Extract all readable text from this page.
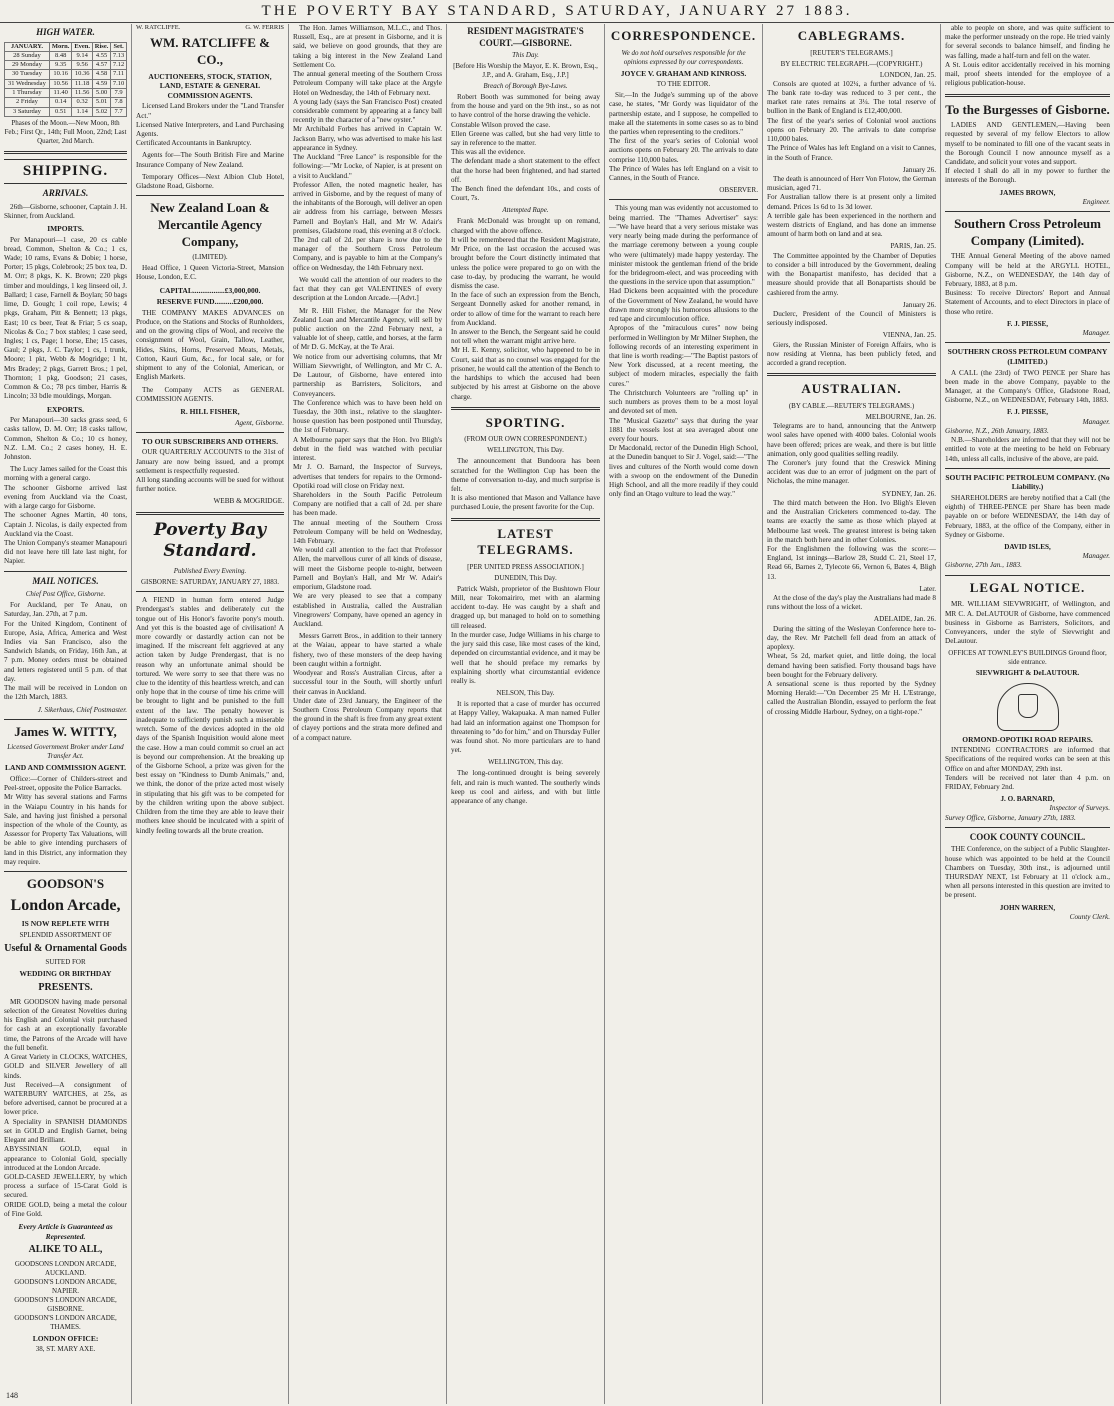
THE POVERTY BAY STANDARD, SATURDAY, JANUARY 27 1883.
HIGH WATER.
JANUARY.	Morn.	Even.	Rise.	Set.
28 Sunday	8.48	9.14	4.55	7.13
29 Monday	9.35	9.56	4.57	7.12
30 Tuesday	10.16	10.36	4.58	7.11
31 Wednesday	10.56	11.18	4.59	7.10
1 Thursday	11.40	11.56	5.00	7.9
2 Friday	0.14	0.32	5.01	7.8
3 Saturday	0.51	1.14	5.02	7.7
Phases of the Moon.—New Moon, 8th Feb.; First Qr., 14th; Full Moon, 22nd; Last Quarter, 2nd March.
SHIPPING.
ARRIVALS.

26th—Gisborne, schooner, Captain J. H. Skinner, from Auckland.

IMPORTS.

Per Manapouri—1 case, 20 cs cable bread, Common, Shelton & Co.; 1 cs, Wade; 10 rams, Evans & Dobie; 1 horse, Porter; 15 pkgs, Colebrook; 25 box tea, D. M. Orr; 8 pkgs, K. K. Brown; 220 pkgs timber and mouldings, 1 keg linseed oil, J. Ballard; 1 case, Farnell & Boylan; 50 bags lime, D. Gough; 1 coil rope, Lewis; 4 pkgs, Graham, Pitt & Bennett; 13 pkgs, East; 10 cs beer, Teat & Friar; 5 cs soap, Nicolas & Co.; 7 box stables; 1 case seed, Ingles; 1 cs, Page; 1 horse, Ehe; 15 cases, Gaul; 2 pkgs, J. C. Taylor; 1 cs, 1 trunk, Moore; 1 pkt, Webb & Mogridge; 1 ht, Mrs Bradey; 2 pkgs, Garrett Bros.; 1 pel, Thornton; 1 pkg, Goodson; 21 cases, Common & Co.; 78 pcs timber, Harris & Lincoln; 33 bdle mouldings, Morgan.

EXPORTS.

Per Manapouri—30 sacks grass seed, 6 casks tallow, D. M. Orr; 18 casks tallow, Common, Shelton & Co.; 10 cs honey, N.Z. L.M. Co.; 2 cases honey, H. E. Johnston.

The Lucy James sailed for the Coast this morning with a general cargo.
The schooner Gisborne arrived last evening from Auckland via the Coast, with a large cargo for Gisborne.
The schooner Agnes Martin, 40 tons, Captain J. Nicolas, is daily expected from Auckland via the Coast.
The Union Company's steamer Manapouri did not leave here till late last night, for Napier.

MAIL NOTICES.
Chief Post Office, Gisborne.

For Auckland, per Te Anau, on Saturday, Jan. 27th, at 7 p.m.
For the United Kingdom, Continent of Europe, Asia, Africa, America and West Indies via San Francisco, also the Sandwich Islands, on Friday, 16th Jan., at 7 p.m. Money orders must be obtained and letters registered until 5 p.m. of that day.
The mail will be received in London on the 12th March, 1883.

J. Sikerhaus, Chief Postmaster.
James W. WITTY,
Licensed Government Broker under Land Transfer Act.
LAND AND COMMISSION AGENT.

Office:—Corner of Childers-street and Peel-street, opposite the Police Barracks.
Mr Witty has several stations and Farms in the Waiapu Country in his hands for Sale, and having just finished a personal inspection of the whole of the County, as Assessor for Property Tax Valuations, will be able to give intending purchasers of land in this District, any information they may require.

GOODSON'S
London Arcade,
IS NOW REPLETE WITH
SPLENDID ASSORTMENT OF
Useful & Ornamental Goods
SUITED FOR
WEDDING OR BIRTHDAY
PRESENTS.

MR GOODSON having made personal selection of the Greatest Novelties during his English and Colonial visit purchased for cash at an exceptionally favorable time, the Patrons of the Arcade will have the full benefit.
A Great Variety in CLOCKS, WATCHES, GOLD and SILVER Jewellery of all kinds.
Just Received—A consignment of WATERBURY WATCHES, at 25s, as before advertised, cannot be procured at a lower price.
A Speciality in SPANISH DIAMONDS set in GOLD and English Garnet, being Elegant and Brilliant.
ABYSSINIAN GOLD, equal in appearance to Colonial Gold, specially introduced at the London Arcade.
GOLD-CASED JEWELLERY, by which process a surface of 15-Carat Gold is secured.
ORIDE GOLD, being a metal the colour of Fine Gold.

Every Article is Guaranteed as Represented.
ALIKE TO ALL,
GOODSONS LONDON ARCADE, AUCKLAND.
GOODSON'S LONDON ARCADE, NAPIER.
GOODSON'S LONDON ARCADE, GISBORNE.
GOODSON'S LONDON ARCADE, THAMES.
LONDON OFFICE:
38, ST. MARY AXE.
W. RATCLIFFE.	G. W. FERRIS
WM. RATCLIFFE & CO.,
AUCTIONEERS, STOCK, STATION, LAND, ESTATE & GENERAL COMMISSION AGENTS.

Licensed Land Brokers under the "Land Transfer Act."
Licensed Native Interpreters, and Land Purchasing Agents.
Certificated Accountants in Bankruptcy.

Agents for—The South British Fire and Marine Insurance Company of New Zealand.

Temporary Offices—Next Albion Club Hotel, Gladstone Road, Gisborne.

New Zealand Loan & Mercantile Agency Company,
(LIMITED).

Head Office, 1 Queen Victoria-Street, Mansion House, London, E.C.

CAPITAL.................£3,000,000.
RESERVE FUND..........£200,000.

THE COMPANY MAKES ADVANCES on Produce, on the Stations and Stocks of Runholders, and on the growing clips of Wool, and receive the consignment of Wool, Grain, Tallow, Leather, Hides, Skins, Horns, Preserved Meats, Metals, Cotton, Kauri Gum, &c., for local sale, or for shipment to any of the Colonial, American, or English Markets.

The Company ACTS as GENERAL COMMISSION AGENTS.

R. HILL FISHER,
Agent, Gisborne.
TO OUR SUBSCRIBERS AND OTHERS.

OUR QUARTERLY ACCOUNTS to the 31st of January are now being issued, and a prompt settlement is respectfully requested.
All long standing accounts will be sued for without further notice.

WEBB & MOGRIDGE.
Poverty Bay Standard.
Published Every Evening.
GISBORNE: SATURDAY, JANUARY 27, 1883.

A FIEND in human form entered Judge Prendergast's stables and deliberately cut the tongue out of His Honor's favorite pony's mouth. And yet this is the boasted age of civilisation! A more cowardly or dastardly action can not be imagined. If the miscreant felt aggrieved at any action taken by Judge Prendergast, that is no reason why an unfortunate animal should be tortured. We were sorry to see that there was no clue to the identity of this heartless wretch, and can only hope that in the course of time his crime will be brought to light and be punished to the full extent of the law. The penalty however is inadequate to sufficiently punish such a miserable wretch. Some of the devices adopted in the old days of the Spanish Inquisition would alone meet the case. How a man could commit so cruel an act is beyond our comprehension. At the breaking up of the Gisborne School, a prize was given for the best essay on "Kindness to Dumb Animals," and, we think, the donor of the prize acted most wisely in stipulating that his gift was to be competed for by the children writing upon the above subject. Children from the time they are able to leave their mothers knee should be inculcated with a spirit of kindly feeling towards all the brute creation.

The Hon. James Williamson, M.L.C., and Thos. Russell, Esq., are at present in Gisborne, and it is said, we believe on good grounds, that they are taking a big interest in the New Zealand Land Settlement Co.
The annual general meeting of the Southern Cross Petroleum Company will take place at the Argyle Hotel on Wednesday, the 14th of February next.
A young lady (says the San Francisco Post) created considerable comment by appearing at a fancy ball recently in the character of a "new oyster."
Mr Archibald Forbes has arrived in Captain W. Jackson Barry, who was advertised to make his last appearance in Sydney.
The Auckland "Free Lance" is responsible for the following:—"Mr Locke, of Napier, is at present on a visit to Auckland."
Professor Allen, the noted magnetic healer, has arrived in Gisborne, and by the request of many of the inhabitants of the Borough, will deliver an open air address from his carriage, between Messrs Parnell and Boylan's Hall, and Mr W. Adair's premises, Gladstone road, this evening at 8 o'clock.
The 2nd call of 2d. per share is now due to the manager of the Southern Cross Petroleum Company, and is payable to him at the Company's office on Wednesday, the 14th February next.

We would call the attention of our readers to the fact that they can get VALENTINES of every description at the London Arcade.—[Advt.]

Mr R. Hill Fisher, the Manager for the New Zealand Loan and Mercantile Agency, will sell by public auction on the 22nd February next, a valuable lot of sheep, cattle, and horses, at the farm of Mr D. G. McKay, at the Te Arai.
We notice from our advertising columns, that Mr William Sievwright, of Wellington, and Mr C. A. De Lautour, of Gisborne, have entered into partnership as Barristers, Solicitors, and Conveyancers.
The Conference which was to have been held on Tuesday, the 30th inst., relative to the slaughter-house question has been postponed until Thursday, the 1st of February.
A Melbourne paper says that the Hon. Ivo Bligh's debut in the field was watched with peculiar interest.
Mr J. O. Barnard, the Inspector of Surveys, advertises that tenders for repairs to the Ormond-Opotiki road will close on Friday next.
Shareholders in the South Pacific Petroleum Company are notified that a call of 2d. per share has been made.
The annual meeting of the Southern Cross Petroleum Company will be held on Wednesday, 14th February.
We would call attention to the fact that Professor Allen, the marvellous curer of all kinds of disease, will meet the Gisborne people to-night, between Parnell and Boylan's Hall, and Mr W. Adair's emporium, Gladstone road.
We are very pleased to see that a company established in Australia, called the Australian Vinegrowers' Company, have opened an agency in Auckland.

Messrs Garrett Bros., in addition to their tannery at the Waiau, appear to have started a whale fishery, two of these monsters of the deep having been caught within a fortnight.
Woodyear and Ross's Australian Circus, after a successful tour in the South, will shortly unfurl their canvas in Auckland.
Under date of 23rd January, the Engineer of the Southern Cross Petroleum Company reports that the ground in the shaft is free from any great extent of clayey portions and the strata more defined and of a compact nature.

RESIDENT MAGISTRATE'S COURT.—GISBORNE.
This Day.
[Before His Worship the Mayor, E. K. Brown, Esq., J.P., and A. Graham, Esq., J.P.]
Breach of Borough Bye-Laws.

Robert Booth was summoned for being away from the house and yard on the 9th inst., so as not to have control of the horse drawing the vehicle.
Constable Wilson proved the case.
Ellen Greene was called, but she had very little to say in reference to the matter.
This was all the evidence.
The defendant made a short statement to the effect that the horse had been frightened, and had started off.
The Bench fined the defendant 10s., and costs of Court, 7s.

Attempted Rape.

Frank McDonald was brought up on remand, charged with the above offence.
It will be remembered that the Resident Magistrate, Mr Price, on the last occasion the accused was brought before the Court distinctly intimated that unless the police were prepared to go on with the case to-day, by producing the warrant, he would dismiss the case.
In the face of such an expression from the Bench, Sergeant Donnelly asked for another remand, in order to allow of time for the warrant to reach here from Auckland.
In answer to the Bench, the Sergeant said he could not tell when the warrant might arrive here.
Mr H. E. Kenny, solicitor, who happened to be in Court, said that as no counsel was engaged for the prisoner, he would call the attention of the Bench to the hardships to which the accused had been subjected by his arrest at Gisborne on the above charge.

SPORTING.
(FROM OUR OWN CORRESPONDENT.)
WELLINGTON, This Day.

The announcement that Bundoora has been scratched for the Wellington Cup has been the theme of conversation to-day, and much surprise is felt.
It is also mentioned that Mason and Vallance have purchased Louie, the present favorite for the Cup.

LATEST TELEGRAMS.
[PER UNITED PRESS ASSOCIATION.]
DUNEDIN, This Day.

Patrick Walsh, proprietor of the Bushtown Flour Mill, near Tokomairiro, met with an alarming accident to-day. He was caught by a shaft and dragged up, but managed to hold on to something till released.
In the murder case, Judge Williams in his charge to the jury said this case, like most cases of the kind, depended on circumstantial evidence, and it may be well that he should preface my remarks by explaining shortly what circumstantial evidence really is.

NELSON, This Day.

It is reported that a case of murder has occurred at Happy Valley, Wakapuaka. A man named Fuller had laid an information against one Thompson for threatening to "do for him," and on Thursday Fuller was found shot. No more particulars are to hand yet.

WELLINGTON, This day.

The long-continued drought is being severely felt, and rain is much wanted. The southerly winds keep us cool and airless, and with but little appearance of any change.

CORRESPONDENCE.
We do not hold ourselves responsible for the opinions expressed by our correspondents.
JOYCE V. GRAHAM AND KINROSS.
TO THE EDITOR.

Sir,—In the Judge's summing up of the above case, he states, "Mr Gordy was liquidator of the partnership estate, and I suppose, he compelled to make all the statements in some cases so as to bind the parties when representing to the creditors."
The first of the year's series of Colonial wool auctions opens on February 20. The arrivals to date comprise 110,000 bales.
The Prince of Wales has left England on a visit to Cannes, in the South of France.

OBSERVER.

This young man was evidently not accustomed to being married. The "Thames Advertiser" says:—"We have heard that a very serious mistake was very nearly being made during the performance of the marriage ceremony between a young couple who were (ultimately) made happy yesterday. The minister mistook the gentleman friend of the bride for the bridegroom-elect, and was proceeding with the questions in the service upon that assumption."
Had Dickens been acquainted with the procedure of the Government of New Zealand, he would have drawn more strongly his humorous allusions to the red tape and circumlocution office.
Apropos of the "miraculous cures" now being performed in Wellington by Mr Milner Stephen, the following records of an interesting experiment in that line is worth reading:—"The Baptist pastors of New York discussed, at a recent meeting, the subject of modern miracles, especially the faith cures."
The Christchurch Volunteers are "rolling up" in such numbers as proves them to be a most loyal and devoted set of men.
The "Musical Gazette" says that during the year 1881 the vessels lost at sea averaged about one every four hours.
Dr Macdonald, rector of the Dunedin High School, at the Dunedin banquet to Sir J. Vogel, said:—"The lives and cultures of the North would come down with a swoop on the endowment of the Dunedin High School, and all the more readily if they could only find an Otago vulture to lead the way."

CABLEGRAMS.
[REUTER'S TELEGRAMS.]
BY ELECTRIC TELEGRAPH.—(COPYRIGHT.)
LONDON, Jan. 25.

Consols are quoted at 102¼, a further advance of ¼. The bank rate to-day was reduced to 3 per cent., the market rate rates remains at 3¼. The total reserve of bullion in the Bank of England is £12,400,000.
The first of the year's series of Colonial wool auctions opens on February 20. The arrivals to date comprise 110,000 bales.
The Prince of Wales has left England on a visit to Cannes, in the South of France.

January 26.

The death is announced of Herr Von Flotow, the German musician, aged 71.
For Australian tallow there is at present only a limited demand. Prices 1s 6d to 1s 3d lower.
A terrible gale has been experienced in the northern and western districts of England, and has done an immense amount of harm both on land and at sea.

PARIS, Jan. 25.

The Committee appointed by the Chamber of Deputies to consider a bill introduced by the Government, dealing with the Bonapartist manifesto, has decided that a measure should provide that all Bonapartists should be cashiered from the army.

January 26.

Duclerc, President of the Council of Ministers is seriously indisposed.

VIENNA, Jan. 25.

Giers, the Russian Minister of Foreign Affairs, who is now residing at Vienna, has been publicly feted, and accorded a grand reception.

AUSTRALIAN.
(BY CABLE.—REUTER'S TELEGRAMS.)
MELBOURNE, Jan. 26.

Telegrams are to hand, announcing that the Antwerp wool sales have opened with 4000 bales. Colonial wools have been offered; prices are weak, and there is but little animation, only good qualities selling readily.
The Coroner's jury found that the Creswick Mining accident was due to an error of judgment on the part of Nicholas, the mine manager.

SYDNEY, Jan. 26.

The third match between the Hon. Ivo Bligh's Eleven and the Australian Cricketers commenced to-day. The teams are exactly the same as those which played at Melbourne last week. The greatest interest is being taken in the match both here and in other Colonies.
For the Englishmen the following was the score:—England, 1st innings—Barlow 28, Studd C. 21, Steel 17, Read 66, Barnes 2, Tylecote 66, Vernon 6, Bates 4, Bligh 13.

Later.

At the close of the day's play the Australians had made 8 runs without the loss of a wicket.

ADELAIDE, Jan. 26.

During the sitting of the Wesleyan Conference here to-day, the Rev. Mr Patchell fell dead from an attack of apoplexy.
Wheat, 5s 2d, market quiet, and little doing, the local demand having been satisfied. Forty thousand bags have been bought for the February delivery.
A sensational scene is thus reported by the Sydney Morning Herald:—"On December 25 Mr H. L'Estrange, called the Australian Blondin, essayed to perform the feat of crossing Middle Harbour, Sydney, on a tight-rope."

able to people on shore, and was quite sufficient to make the performer unsteady on the rope. He tried vainly for several seconds to balance himself, and finding he was falling, made a half-turn and fell on the water.
A St. Louis editor accidentally received in his morning mail, proof sheets intended for the employee of a religious publication-house.

To the Burgesses of Gisborne.

LADIES AND GENTLEMEN,—Having been requested by several of my fellow Electors to allow myself to be nominated to fill one of the vacant seats in the Borough Council I now announce myself as a Candidate, and solicit your votes and support.
If elected I shall do all in my power to further the interests of the Borough.

JAMES BROWN,
Engineer.
Southern Cross Petroleum Company (Limited).

THE Annual General Meeting of the above named Company will be held at the ARGYLL HOTEL, Gisborne, N.Z., on WEDNESDAY, the 14th day of February, 1883, at 8 p.m.
Business: To receive Directors' Report and Annual Statement of Accounts, and to elect Directors in place of those who retire.

F. J. PIESSE,
Manager.
SOUTHERN CROSS PETROLEUM COMPANY (LIMITED.)

A CALL (the 23rd) of TWO PENCE per Share has been made in the above Company, payable to the Manager, at the Company's Office, Gladstone Road, Gisborne, N.Z., on WEDNESDAY, February 14th, 1883.

F. J. PIESSE,
Manager.
Gisborne, N.Z., 26th January, 1883.

N.B.—Shareholders are informed that they will not be entitled to vote at the meeting to be held on February 14th, unless all calls, inclusive of the above, are paid.

SOUTH PACIFIC PETROLEUM COMPANY. (No Liability.)

SHAREHOLDERS are hereby notified that a Call (the eighth) of THREE-PENCE per Share has been made payable on or before WEDNESDAY, the 14th day of February, 1883, at the office of the Company, either in Sydney or Gisborne.

DAVID ISLES,
Manager.
Gisborne, 27th Jan., 1883.
LEGAL NOTICE.

MR. WILLIAM SIEVWRIGHT, of Wellington, and MR C. A. DeLAUTOUR of Gisborne, have commenced business in Gisborne as Barristers, Solicitors, and Conveyancers, under the style of Sievwright and DeLautour.

OFFICES AT TOWNLEY'S BUILDINGS Ground floor, side entrance.
SIEVWRIGHT & DeLAUTOUR.
ORMOND-OPOTIKI ROAD REPAIRS.

INTENDING CONTRACTORS are informed that Specifications of the required works can be seen at this Office on and after MONDAY, 29th inst.
Tenders will be received not later than 4 p.m. on FRIDAY, February 2nd.

J. O. BARNARD,
Inspector of Surveys.
Survey Office, Gisborne, January 27th, 1883.
COOK COUNTY COUNCIL.

THE Conference, on the subject of a Public Slaughter-house which was appointed to be held at the Council Chambers on Tuesday, 30th inst., is adjourned until THURSDAY NEXT, 1st February at 11 o'clock a.m., when all persons interested in this question are invited to be present.

JOHN WARREN,
County Clerk.
148
